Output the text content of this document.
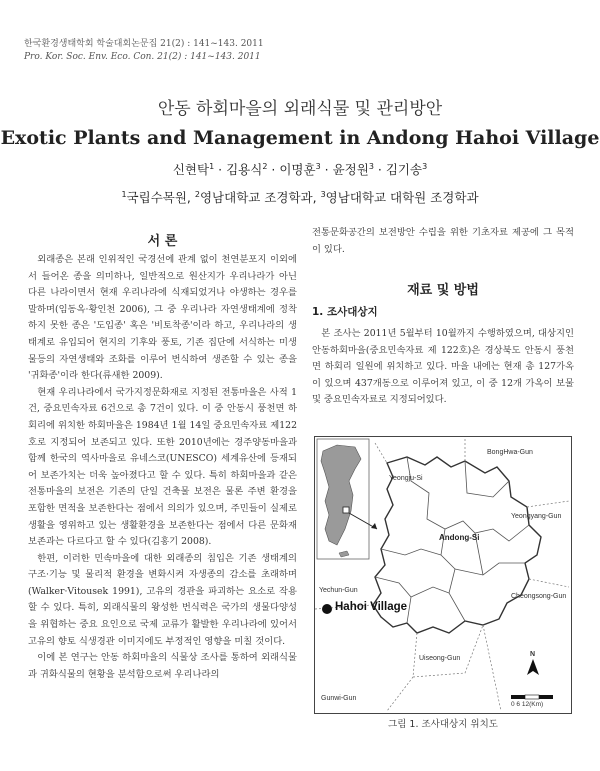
한국환경생태학회 학술대회논문집 21(2) : 141~143. 2011
Pro. Kor. Soc. Env. Eco. Con. 21(2) : 141~143. 2011
안동 하회마을의 외래식물 및 관리방안
Exotic Plants and Management in Andong Hahoi Village
신현탁$^1$ · 김용식$^2$ · 이명훈$^3$ · 윤정원$^3$ · 김기송$^3$
$^1$국립수목원, $^2$영남대학교 조경학과, $^3$영남대학교 대학원 조경학과
서 론

외래종은 본래 인위적인 국경선에 관계 없이 천연분포지 이외에서 들어온 종을 의미하나, 일반적으로 원산지가 우리나라가 아닌 다른 나라이면서 현재 우리나라에 식재되었거나 야생하는 경우를 말하며(임동옥·황인천 2006), 그 중 우리나라 자연생태계에 정착하지 못한 종은 '도입종' 혹은 '비토착종'이라 하고, 우리나라의 생태계로 유입되어 현지의 기후와 풍토, 기존 집단에 서식하는 미생물등의 자연생태와 조화를 이루어 번식하여 생존할 수 있는 종을 '귀화종'이라 한다(류새한 2009).

현재 우리나라에서 국가지정문화재로 지정된 전통마을은 사적 1건, 중요민속자료 6건으로 총 7건이 있다. 이 중 안동시 풍천면 하회리에 위치한 하회마을은 1984년 1월 14일 중요민속자료 제122호로 지정되어 보존되고 있다. 또한 2010년에는 경주양동마을과 함께 한국의 역사마을로 유네스코(UNESCO) 세계유산에 등재되어 보존가치는 더욱 높아졌다고 할 수 있다. 특히 하회마을과 같은 전통마을의 보전은 기존의 단일 건축물 보전은 물론 주변 환경을 포함한 면적을 보존한다는 점에서 의의가 있으며, 주민들이 실제로 생활을 영위하고 있는 생활환경을 보존한다는 점에서 다른 문화재 보존과는 다르다고 할 수 있다(김홍기 2008).

한편, 이러한 민속마을에 대한 외래종의 침입은 기존 생태계의 구조·기능 및 물리적 환경을 변화시켜 자생종의 감소를 초래하며(Walker·Vitousek 1991), 고유의 경관을 파괴하는 요소로 작용할 수 있다. 특히, 외래식물의 왕성한 번식력은 국가의 생물다양성을 위협하는 중요 요인으로 국제 교류가 활발한 우리나라에 있어서 고유의 향토 식생경관 이미지에도 부정적인 영향을 미칠 것이다.

이에 본 연구는 안동 하회마을의 식물상 조사를 통하여 외래식물과 귀화식물의 현황을 분석함으로써 우리나라의

전통문화공간의 보전방안 수립을 위한 기초자료 제공에 그 목적이 있다.

재료 및 방법
1. 조사대상지

본 조사는 2011년 5월부터 10월까지 수행하였으며, 대상지인 안동하회마을(중요민속자료 제 122호)은 경상북도 안동시 풍천면 하회리 일원에 위치하고 있다. 마을 내에는 현재 총 127가옥이 있으며 437개동으로 이루어져 있고, 이 중 12개 가옥이 보물 및 중요민속자료로 지정되어있다.

BongHwa-Gun
Yeongju-Si
Yeongyang-Gun
Andong-Si
Yechun-Gun
Hahoi Village
Cheongsong-Gun
Uiseong-Gun
Gunwi-Gun
N
0 6 12(Km)
그림 1. 조사대상지 위치도
